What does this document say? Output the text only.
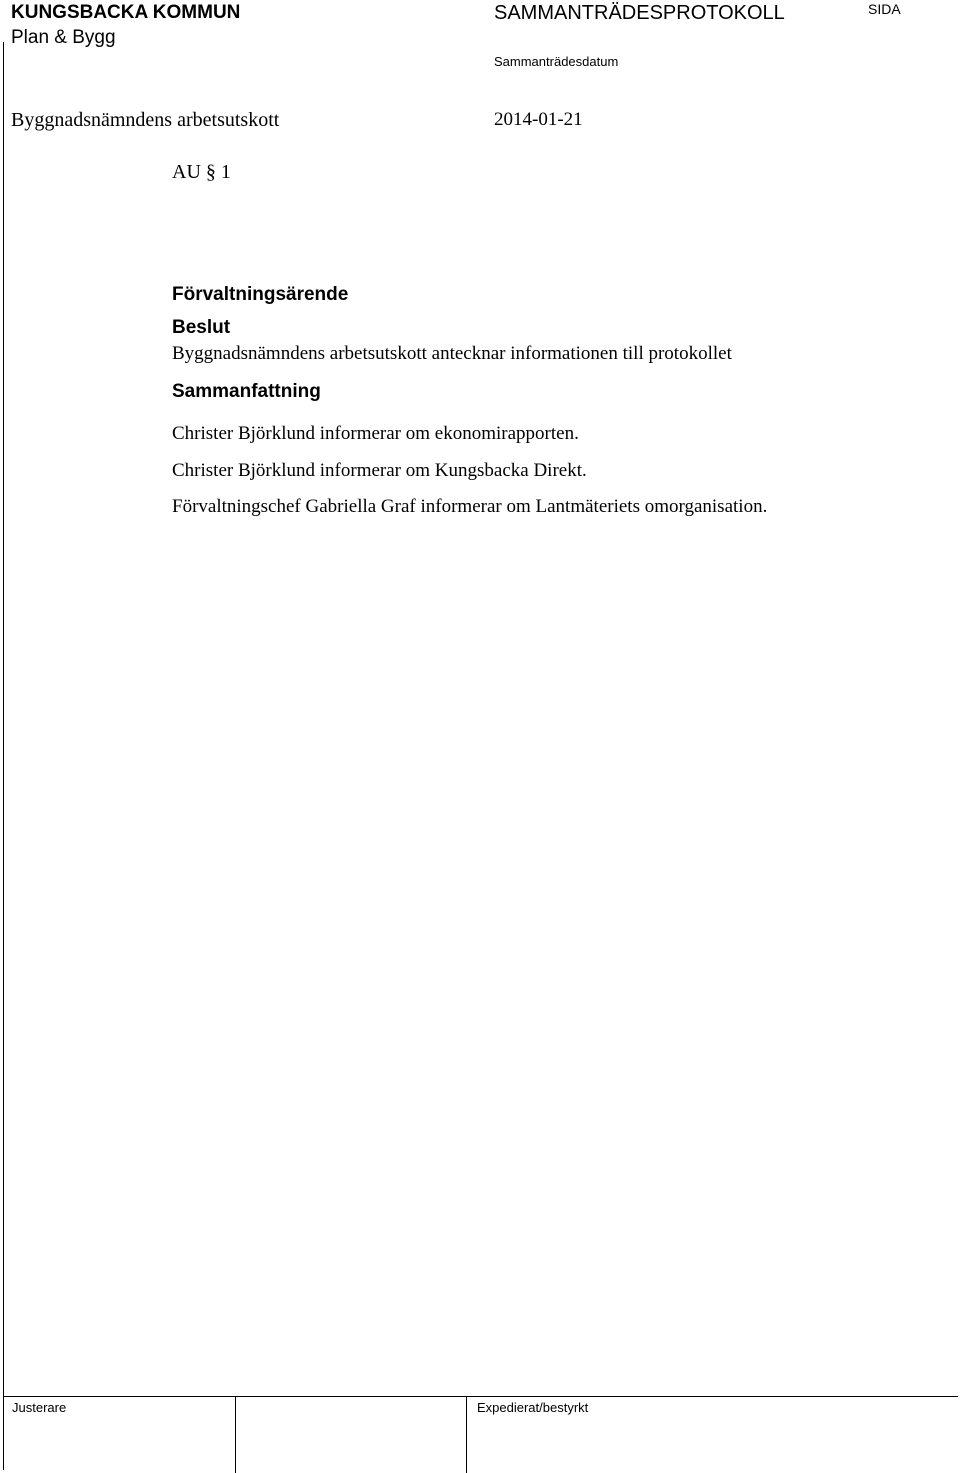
KUNGSBACKA KOMMUN
Plan & Bygg
SAMMANTRÄDESPROTOKOLL	SIDA
Sammanträdesdatum
Byggnadsnämndens arbetsutskott	2014-01-21
AU § 1
Förvaltningsärende
Beslut
Byggnadsnämndens arbetsutskott antecknar informationen till protokollet
Sammanfattning
Christer Björklund informerar om ekonomirapporten.
Christer Björklund informerar om Kungsbacka Direkt.
Förvaltningschef Gabriella Graf informerar om Lantmäteriets omorganisation.
Justerare	Expedierat/bestyrkt
